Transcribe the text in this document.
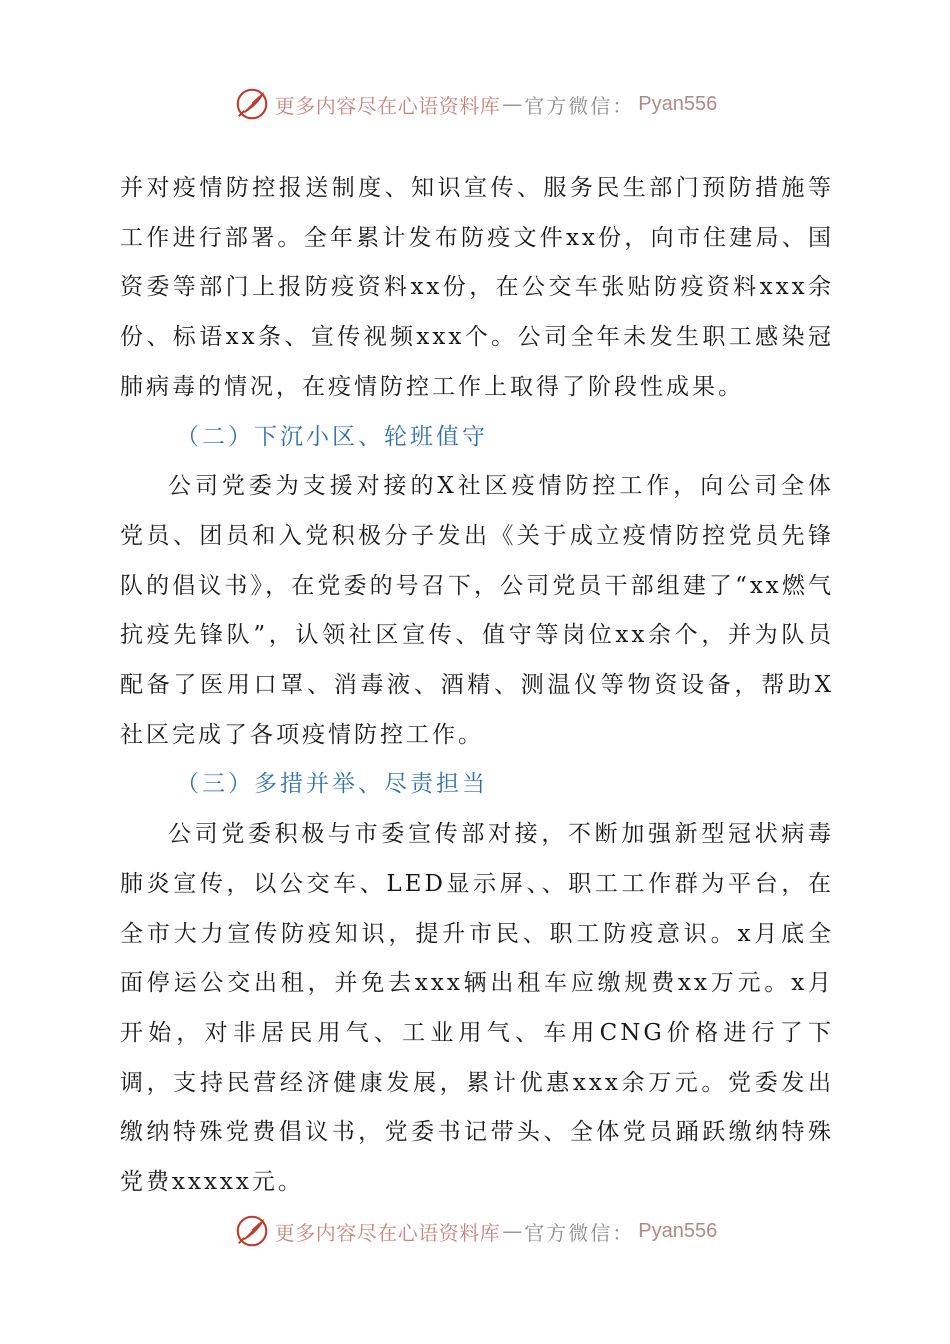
更多内容尽在心语资料库 — 官方微信： Pyan556

并对疫情防控报送制度、知识宣传、服务民生部门预防措施等工作进行部署。全年累计发布防疫文件xx份，向市住建局、国资委等部门上报防疫资料xx份，在公交车张贴防疫资料xxx余份、标语xx条、宣传视频xxx个。公司全年未发生职工感染冠肺病毒的情况，在疫情防控工作上取得了阶段性成果。

（二）下沉小区、轮班值守

公司党委为支援对接的X社区疫情防控工作，向公司全体党员、团员和入党积极分子发出《关于成立疫情防控党员先锋队的倡议书》，在党委的号召下，公司党员干部组建了“xx燃气抗疫先锋队”，认领社区宣传、值守等岗位xx余个，并为队员配备了医用口罩、消毒液、酒精、测温仪等物资设备，帮助X社区完成了各项疫情防控工作。

（三）多措并举、尽责担当

公司党委积极与市委宣传部对接，不断加强新型冠状病毒肺炎宣传，以公交车、LED显示屏、、职工工作群为平台，在全市大力宣传防疫知识，提升市民、职工防疫意识。x月底全面停运公交出租，并免去xxx辆出租车应缴规费xx万元。x月开始，对非居民用气、工业用气、车用CNG价格进行了下调，支持民营经济健康发展，累计优惠xxx余万元。党委发出缴纳特殊党费倡议书，党委书记带头、全体党员踊跃缴纳特殊党费xxxxx元。

更多内容尽在心语资料库 — 官方微信： Pyan556
